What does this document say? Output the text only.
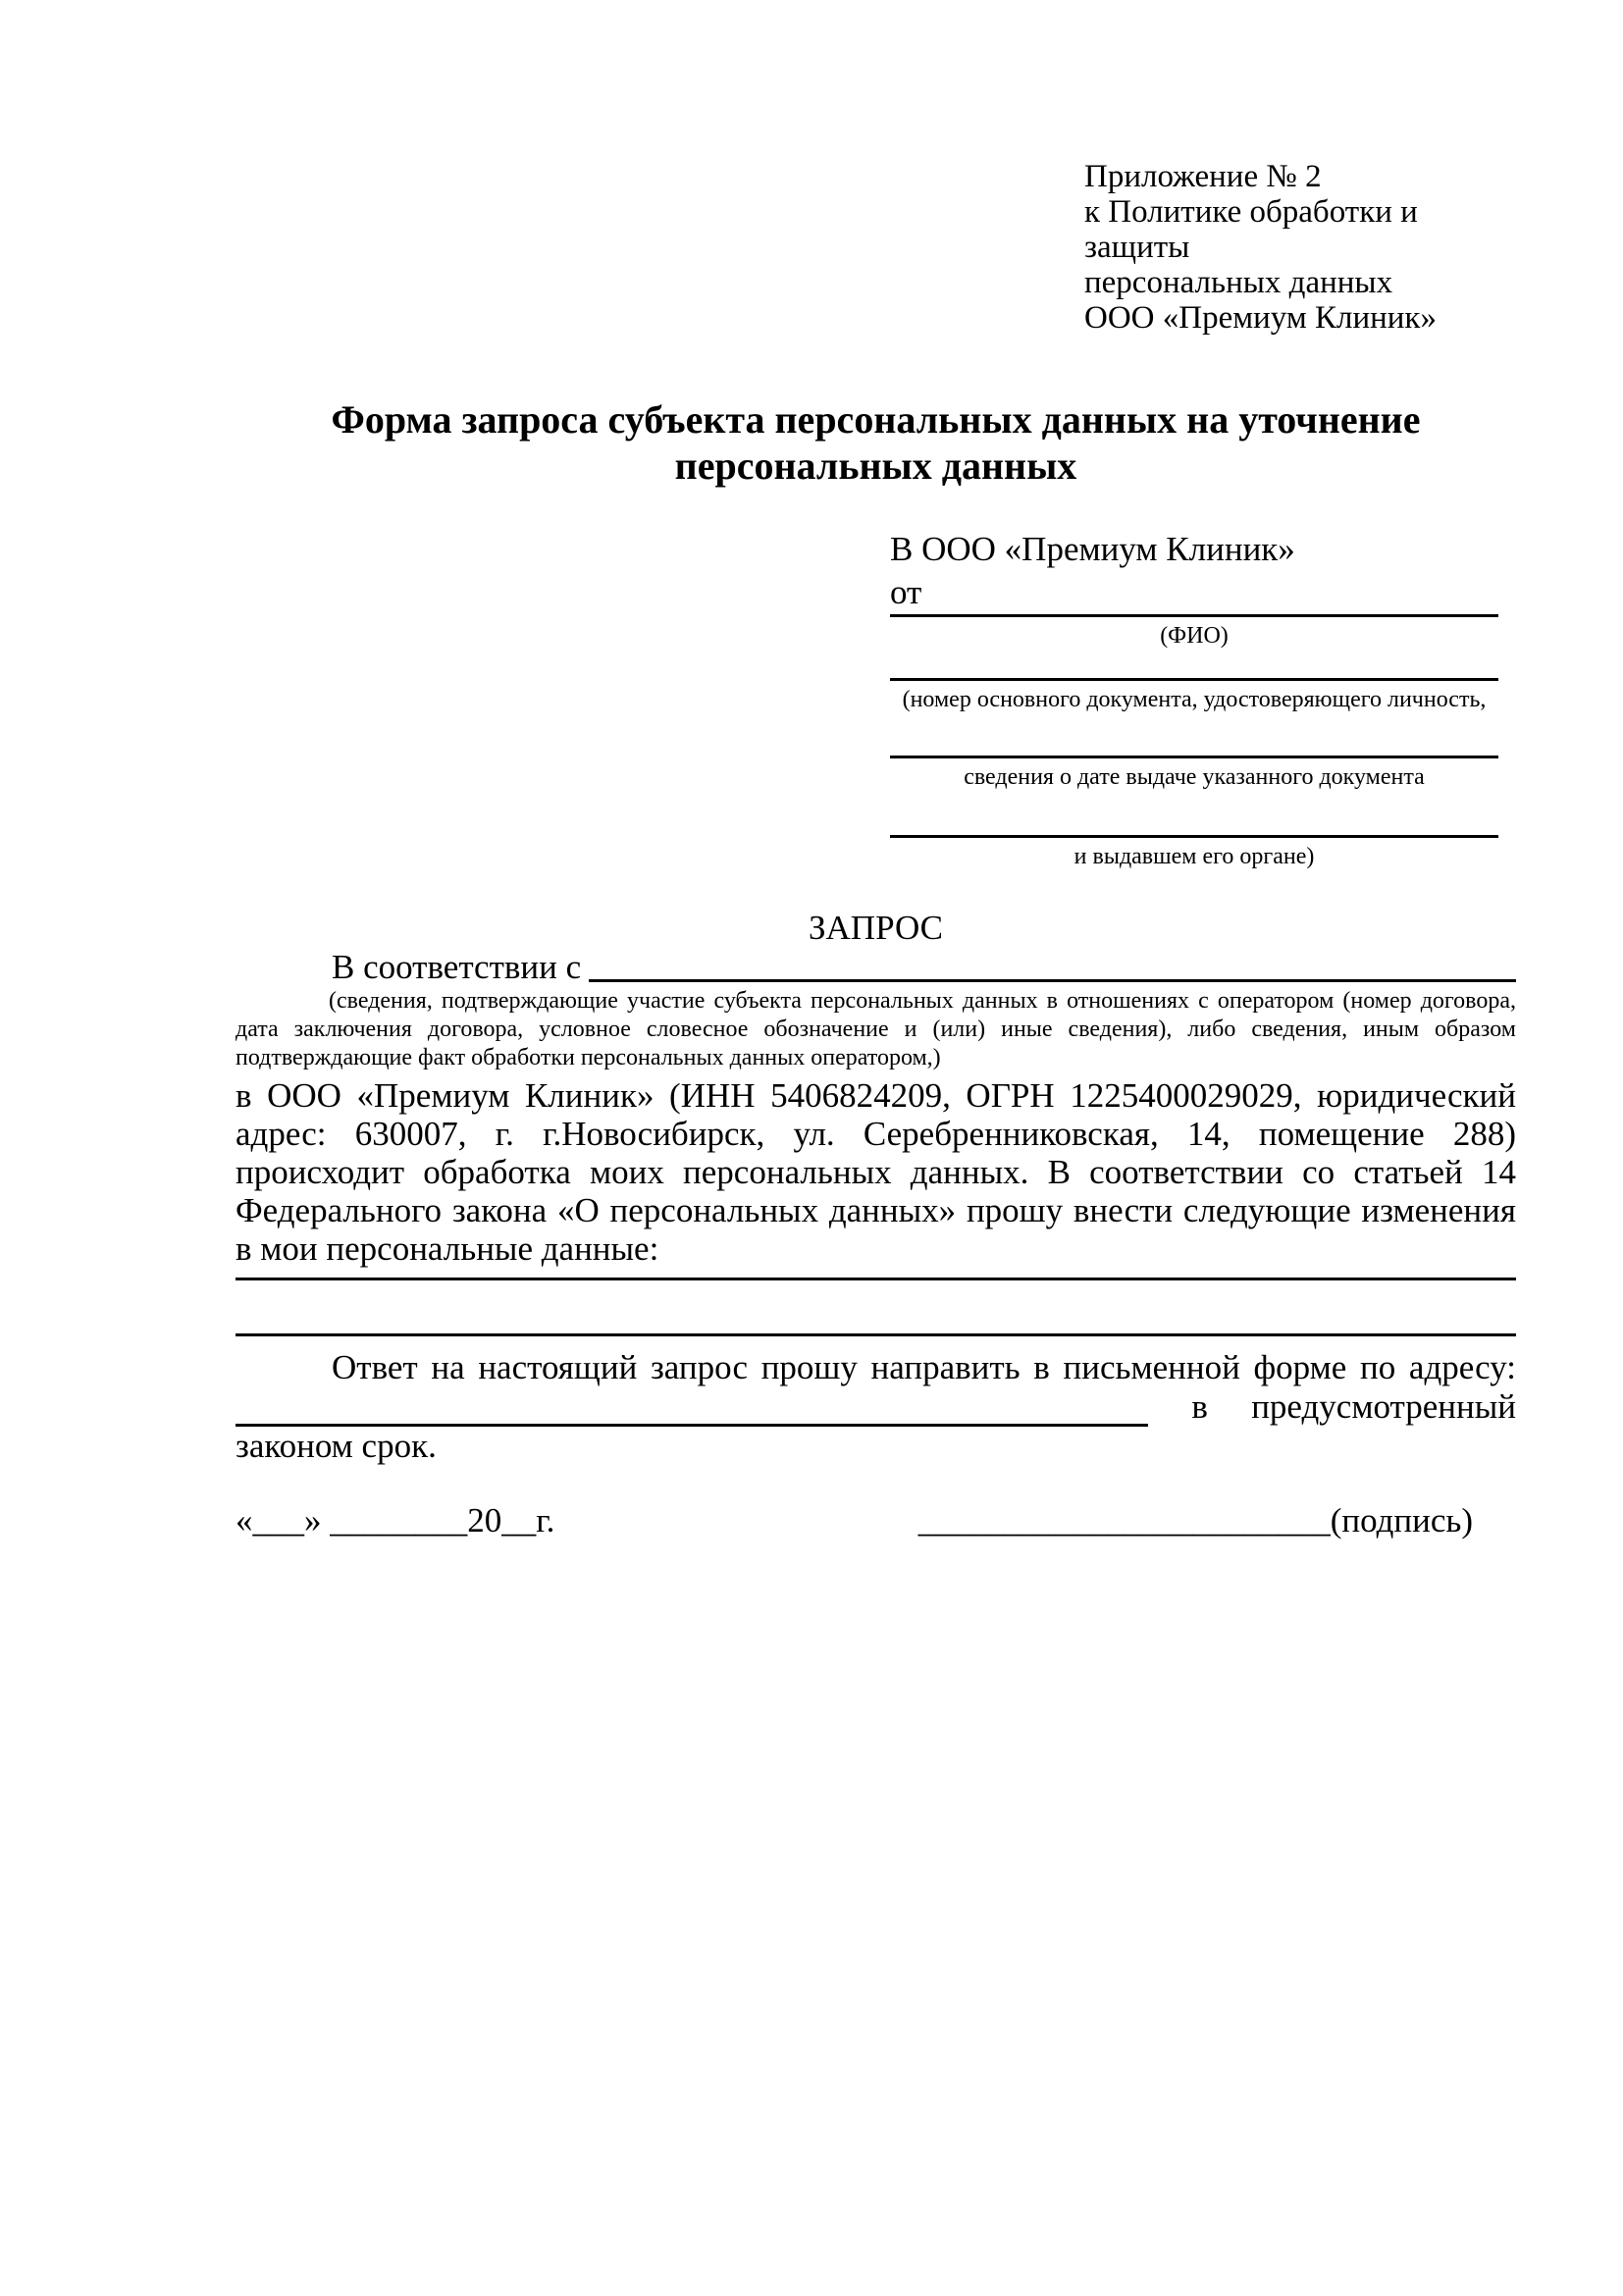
Приложение № 2
к Политике обработки и защиты
персональных данных
ООО «Премиум Клиник»
Форма запроса субъекта персональных данных на уточнение
персональных данных
В ООО «Премиум Клиник»
от
(ФИО)
(номер основного документа, удостоверяющего личность,
сведения о дате выдаче указанного документа
и выдавшем его органе)
ЗАПРОС
В соответствии с
(сведения, подтверждающие участие субъекта персональных данных в отношениях с оператором (номер договора, дата заключения договора, условное словесное обозначение и (или) иные сведения), либо сведения, иным образом подтверждающие факт обработки персональных данных оператором,)
в ООО «Премиум Клиник» (ИНН 5406824209, ОГРН 1225400029029, юридический адрес: 630007, г. г.Новосибирск, ул. Серебренниковская, 14, помещение 288) происходит обработка моих персональных данных. В соответствии со статьей 14 Федерального закона «О персональных данных» прошу внести следующие изменения в мои персональные данные:
Ответ на настоящий запрос прошу направить в письменной форме по адресу:
в предусмотренный
законом срок.
«___» ________20__г.	________________________(подпись)
